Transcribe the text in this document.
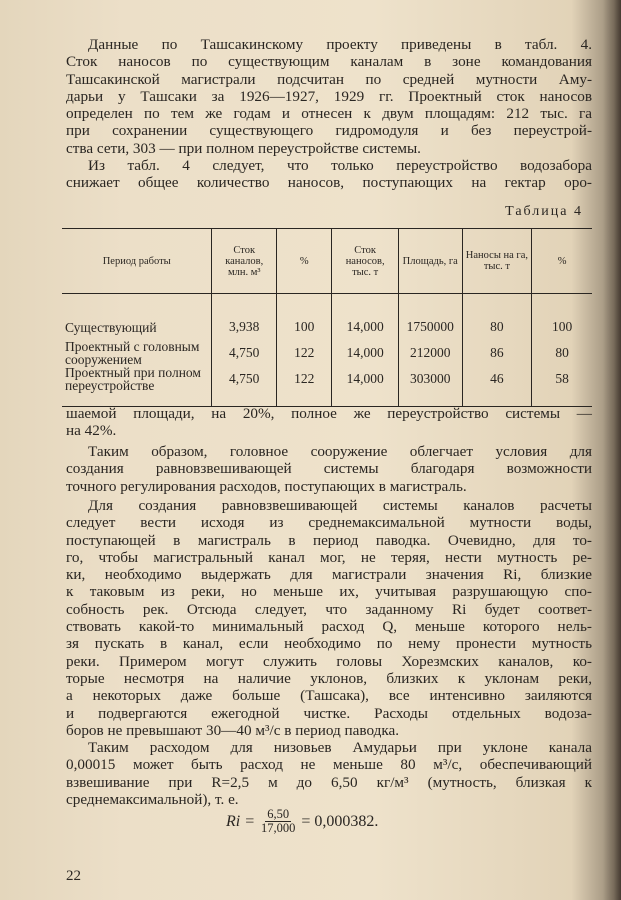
Данные по Ташсакинскому проекту приведены в табл. 4.
Сток наносов по существующим каналам в зоне командования
Ташсакинской магистрали подсчитан по средней мутности Аму-
дарьи у Ташсаки за 1926—1927, 1929 гг. Проектный сток наносов
определен по тем же годам и отнесен к двум площадям: 212 тыс. га
при сохранении существующего гидромодуля и без переустрой-
ства сети, 303 — при полном переустройстве системы.
Из табл. 4 следует, что только переустройство водозабора
снижает общее количество наносов, поступающих на гектар оро-
Таблица 4
Период работы	Сток каналов, млн. м³	%	Сток наносов, тыс. т	Площадь, га	Наносы на га, тыс. т	%
Существующий	3,938	100	14,000	1750000	80	100
Проектный с головным сооружением	4,750	122	14,000	212000	86	80
Проектный при полном переустройстве	4,750	122	14,000	303000	46	58
шаемой площади, на 20%, полное же переустройство системы —
на 42%.
Таким образом, головное сооружение облегчает условия для
создания равновзвешивающей системы благодаря возможности
точного регулирования расходов, поступающих в магистраль.
Для создания равновзвешивающей системы каналов расчеты
следует вести исходя из среднемаксимальной мутности воды,
поступающей в магистраль в период паводка. Очевидно, для то-
го, чтобы магистральный канал мог, не теряя, нести мутность ре-
ки, необходимо выдержать для магистрали значения Ri, близкие
к таковым из реки, но меньше их, учитывая разрушающую спо-
собность рек. Отсюда следует, что заданному Ri будет соответ-
ствовать какой-то минимальный расход Q, меньше которого нель-
зя пускать в канал, если необходимо по нему пронести мутность
реки. Примером могут служить головы Хорезмских каналов, ко-
торые несмотря на наличие уклонов, близких к уклонам реки,
а некоторых даже больше (Ташсака), все интенсивно заиляются
и подвергаются ежегодной чистке. Расходы отдельных водоза-
боров не превышают 30—40 м³/с в период паводка.
Таким расходом для низовьев Амударьи при уклоне канала
0,00015 может быть расход не меньше 80 м³/с, обеспечивающий
взвешивание при R=2,5 м до 6,50 кг/м³ (мутность, близкая к
среднемаксимальной), т. е.
$Ri = \frac{6,50}{17,000} = 0,000382$.
22
